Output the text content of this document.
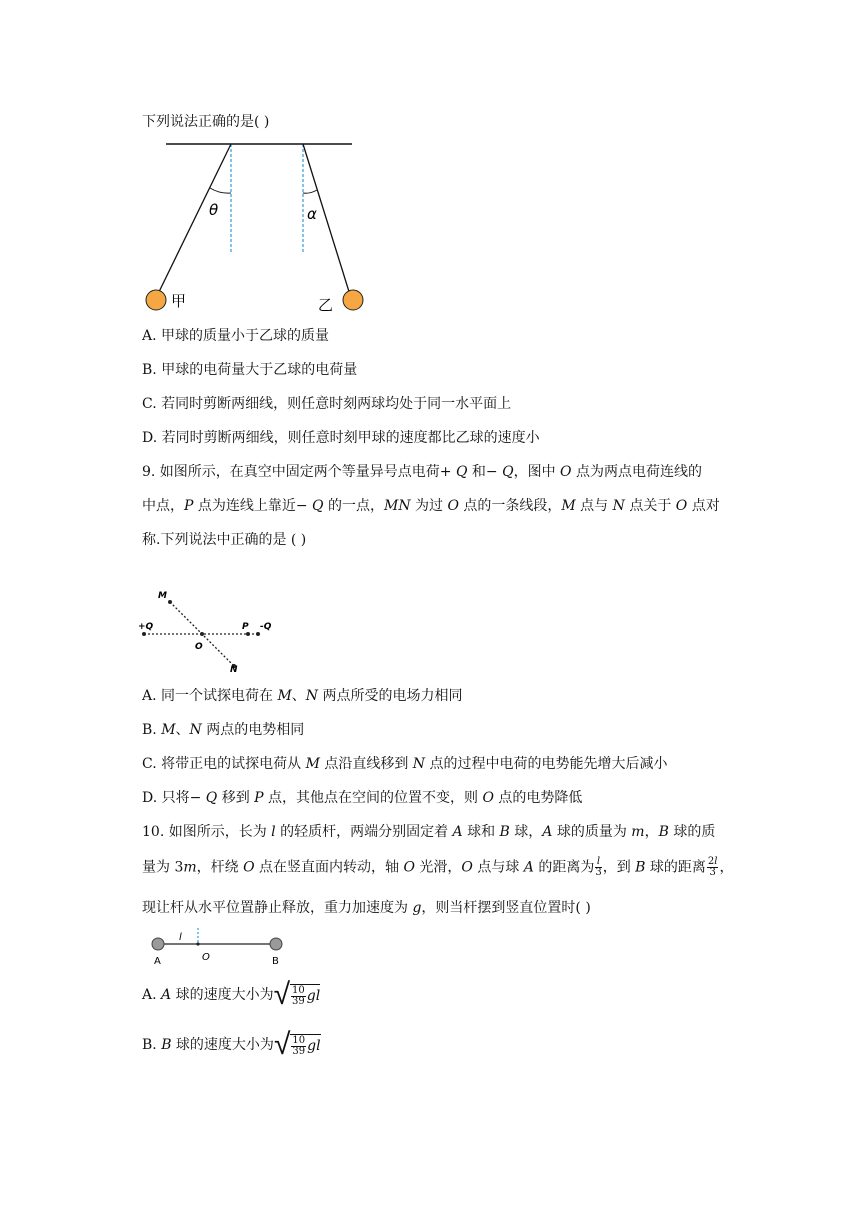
下列说法正确的是( )
θ	α
甲	乙
A. 甲球的质量小于乙球的质量
B. 甲球的电荷量大于乙球的电荷量
C. 若同时剪断两细线，则任意时刻两球均处于同一水平面上
D. 若同时剪断两细线，则任意时刻甲球的速度都比乙球的速度小
9. 如图所示，在真空中固定两个等量异号点电荷+ 𝑄 和− 𝑄，图中 𝑂 点为两点电荷连线的
中点，𝑃 点为连线上靠近− 𝑄 的一点，𝑀𝑁 为过 𝑂 点的一条线段，𝑀 点与 𝑁 点关于 𝑂 点对
称.下列说法中正确的是 ( )
M
N
O
P
+Q	-Q
A. 同一个试探电荷在 𝑀、𝑁 两点所受的电场力相同
B. 𝑀、𝑁 两点的电势相同
C. 将带正电的试探电荷从 𝑀 点沿直线移到 𝑁 点的过程中电荷的电势能先增大后减小
D. 只将− 𝑄 移到 𝑃 点，其他点在空间的位置不变，则 𝑂 点的电势降低
10. 如图所示，长为 𝑙 的轻质杆，两端分别固定着 𝐴 球和 𝐵 球，𝐴 球的质量为 𝑚，𝐵 球的质
量为 3𝑚，杆绕 𝑂 点在竖直面内转动，轴 𝑂 光滑，𝑂 点与球 𝐴 的距离为 $\frac{\text{𝑙}}{3}$ ，到 𝐵 球的距离 $\frac{\text{2𝑙}}{3}$ ，
现让杆从水平位置静止释放，重力加速度为 𝑔，则当杆摆到竖直位置时( )
l
A	O	B
A. 𝐴 球的速度大小为 √ $\frac{10}{39}$ 𝑔𝑙
B. 𝐵 球的速度大小为 √ $\frac{10}{39}$ 𝑔𝑙
